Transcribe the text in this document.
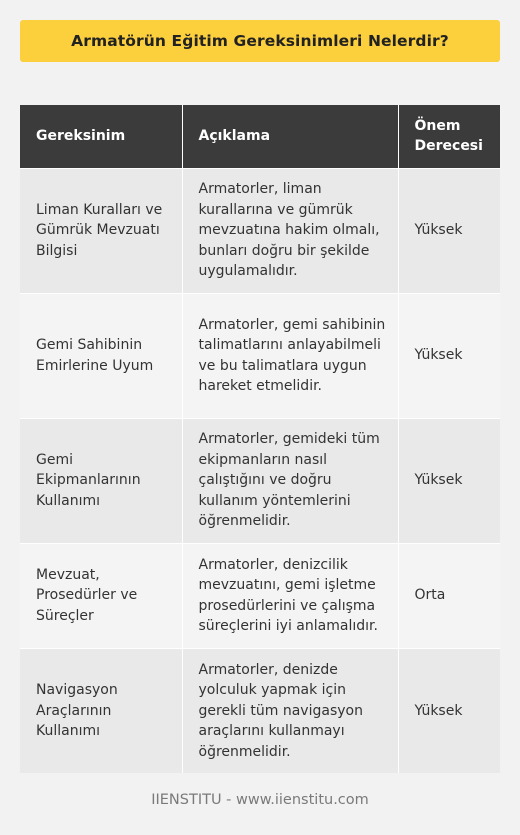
Armatörün Eğitim Gereksinimleri Nelerdir?
Gereksinim	Açıklama	Önem Derecesi
Liman Kuralları ve Gümrük Mevzuatı Bilgisi	Armatorler, liman kurallarına ve gümrük mevzuatına hakim olmalı, bunları doğru bir şekilde uygulamalıdır.	Yüksek
Gemi Sahibinin Emirlerine Uyum	Armatorler, gemi sahibinin talimatlarını anlayabilmeli ve bu talimatlara uygun hareket etmelidir.	Yüksek
Gemi Ekipmanlarının Kullanımı	Armatorler, gemideki tüm ekipmanların nasıl çalıştığını ve doğru kullanım yöntemlerini öğrenmelidir.	Yüksek
Mevzuat, Prosedürler ve Süreçler	Armatorler, denizcilik mevzuatını, gemi işletme prosedürlerini ve çalışma süreçlerini iyi anlamalıdır.	Orta
Navigasyon Araçlarının Kullanımı	Armatorler, denizde yolculuk yapmak için gerekli tüm navigasyon araçlarını kullanmayı öğrenmelidir.	Yüksek
IIENSTITU - www.iienstitu.com
